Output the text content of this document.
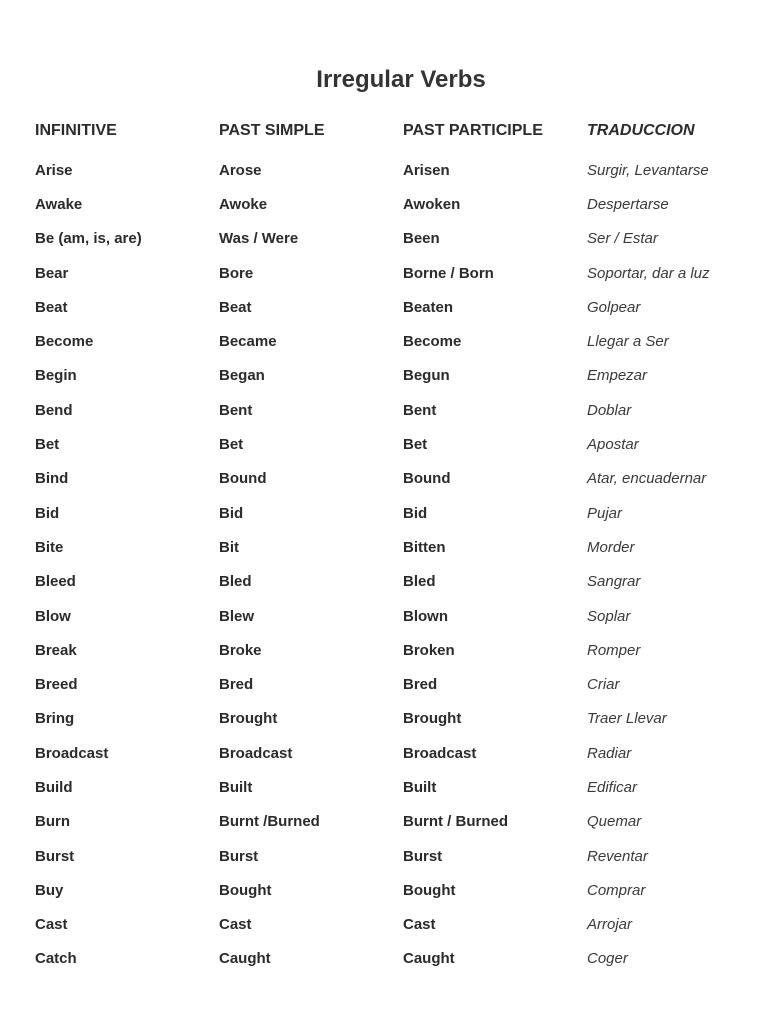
Irregular Verbs
INFINITIVE	PAST SIMPLE	PAST PARTICIPLE	TRADUCCION
Arise	Arose	Arisen	Surgir, Levantarse
Awake	Awoke	Awoken	Despertarse
Be (am, is, are)	Was / Were	Been	Ser / Estar
Bear	Bore	Borne / Born	Soportar, dar a luz
Beat	Beat	Beaten	Golpear
Become	Became	Become	Llegar a Ser
Begin	Began	Begun	Empezar
Bend	Bent	Bent	Doblar
Bet	Bet	Bet	Apostar
Bind	Bound	Bound	Atar, encuadernar
Bid	Bid	Bid	Pujar
Bite	Bit	Bitten	Morder
Bleed	Bled	Bled	Sangrar
Blow	Blew	Blown	Soplar
Break	Broke	Broken	Romper
Breed	Bred	Bred	Criar
Bring	Brought	Brought	Traer Llevar
Broadcast	Broadcast	Broadcast	Radiar
Build	Built	Built	Edificar
Burn	Burnt /Burned	Burnt / Burned	Quemar
Burst	Burst	Burst	Reventar
Buy	Bought	Bought	Comprar
Cast	Cast	Cast	Arrojar
Catch	Caught	Caught	Coger
